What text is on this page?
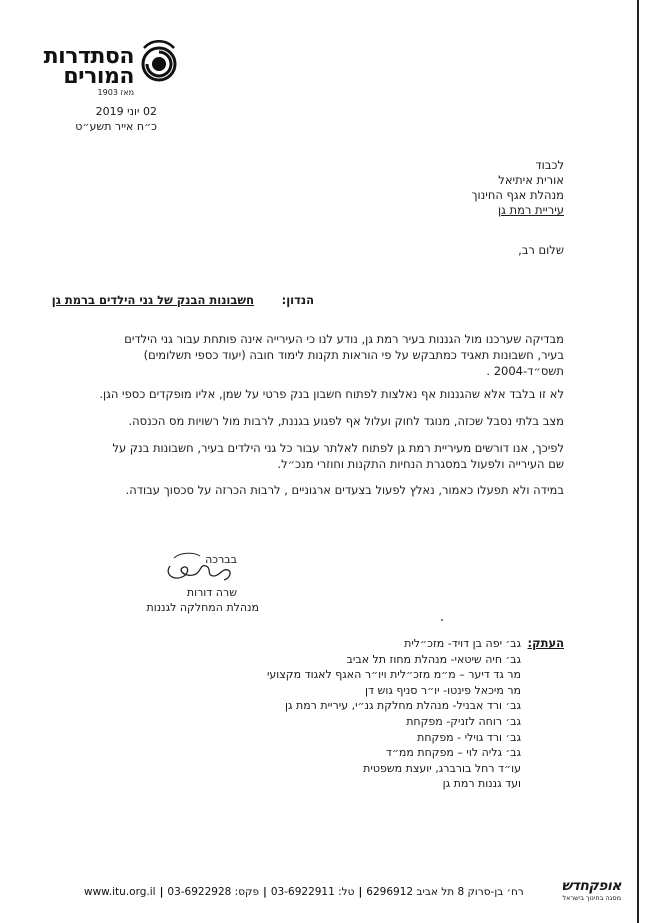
הסתדרות
המורים
מאז 1903
02 יוני 2019
כ״ח אייר תשע״ט
לכבוד
אורית איתיאל
מנהלת אגף החינוך
עיריית רמת גן
שלום רב,
הנדון:
חשבונות הבנק של גני הילדים ברמת גן
מבדיקה שערכנו מול הגננות בעיר רמת גן, נודע לנו כי העירייה אינה פותחת עבור גני הילדים
בעיר, חשבונות תאגיד כמתבקש על פי הוראות תקנות לימוד חובה (יעוד כספי תשלומים)
תשס״ד-2004 .
לא זו בלבד אלא שהגננות אף נאלצות לפתוח חשבון בנק פרטי על שמן, אליו מופקדים כספי הגן.
מצב בלתי נסבל שכזה, מנוגד לחוק ועלול אף לפגוע בגננת, לרבות מול רשויות מס הכנסה.
לפיכך, אנו דורשים מעיריית רמת גן לפתוח לאלתר עבור כל גני הילדים בעיר, חשבונות בנק על
שם העירייה ולפעול במסגרת הנחיות התקנות וחוזרי מנכ״ל.
במידה ולא תפעלו כאמור, נאלץ לפעול בצעדים ארגוניים , לרבות הכרזה על סכסוך עבודה.
בברכה
שרה דורות
מנהלת המחלקה לגננות
העתק:
גב׳ יפה בן דויד- מזכ״לית
גב׳ חיה שיטאי- מנהלת מחוז תל אביב
מר גד דיער – מ״מ מזכ״לית ויו״ר האגף לאגוד מקצועי
מר מיכאל פינטו- יו״ר סניף גוש דן
גב׳ ורד אבניל- מנהלת מחלקת גנ״י, עיריית רמת גן
גב׳ רוחה לזניק- מפקחת
גב׳ ורד גוילי - מפקחת
גב׳ גליה לוי – מפקחת ממ״ד
עו״ד רחל בורברג, יועצת משפטית
ועד גננות רמת גן
www.itu.org.il | פקס: 03-6922928 | טל: 03-6922911 | רח׳ בן-סרוק 8 תל אביב 6296912	אופקחדש
מסגה בחינוך בישראל
